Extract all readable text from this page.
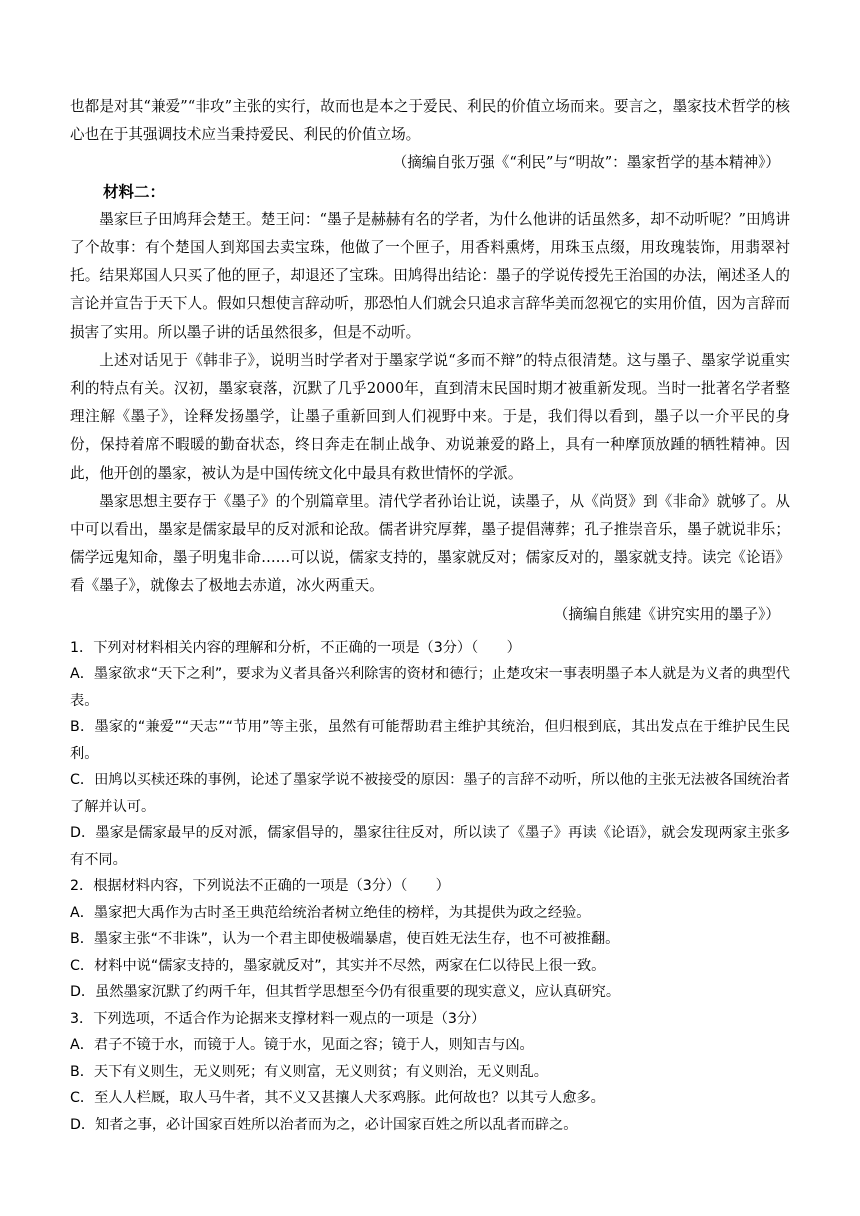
也都是对其“兼爱”“非攻”主张的实行，故而也是本之于爱民、利民的价值立场而来。要言之，墨家技术哲学的核心也在于其强调技术应当秉持爱民、利民的价值立场。

（摘编自张万强《“利民”与“明故”：墨家哲学的基本精神》）

材料二：

墨家巨子田鸠拜会楚王。楚王问：“墨子是赫赫有名的学者，为什么他讲的话虽然多，却不动听呢？”田鸠讲了个故事：有个楚国人到郑国去卖宝珠，他做了一个匣子，用香料熏烤，用珠玉点缀，用玫瑰装饰，用翡翠衬托。结果郑国人只买了他的匣子，却退还了宝珠。田鸠得出结论：墨子的学说传授先王治国的办法，阐述圣人的言论并宣告于天下人。假如只想使言辞动听，那恐怕人们就会只追求言辞华美而忽视它的实用价值，因为言辞而损害了实用。所以墨子讲的话虽然很多，但是不动听。

上述对话见于《韩非子》，说明当时学者对于墨家学说“多而不辩”的特点很清楚。这与墨子、墨家学说重实利的特点有关。汉初，墨家衰落，沉默了几乎2000年，直到清末民国时期才被重新发现。当时一批著名学者整理注解《墨子》，诠释发扬墨学，让墨子重新回到人们视野中来。于是，我们得以看到，墨子以一介平民的身份，保持着席不暇暖的勤奋状态，终日奔走在制止战争、劝说兼爱的路上，具有一种摩顶放踵的牺牲精神。因此，他开创的墨家，被认为是中国传统文化中最具有救世情怀的学派。

墨家思想主要存于《墨子》的个别篇章里。清代学者孙诒让说，读墨子，从《尚贤》到《非命》就够了。从中可以看出，墨家是儒家最早的反对派和论敌。儒者讲究厚葬，墨子提倡薄葬；孔子推崇音乐，墨子就说非乐；儒学远鬼知命，墨子明鬼非命……可以说，儒家支持的，墨家就反对；儒家反对的，墨家就支持。读完《论语》看《墨子》，就像去了极地去赤道，冰火两重天。

（摘编自熊建《讲究实用的墨子》）

1．下列对材料相关内容的理解和分析，不正确的一项是（3分）（　　）

A．墨家欲求“天下之利”，要求为义者具备兴利除害的资材和德行；止楚攻宋一事表明墨子本人就是为义者的典型代表。

B．墨家的“兼爱”“天志”“节用”等主张，虽然有可能帮助君主维护其统治，但归根到底，其出发点在于维护民生民利。

C．田鸠以买椟还珠的事例，论述了墨家学说不被接受的原因：墨子的言辞不动听，所以他的主张无法被各国统治者了解并认可。

D．墨家是儒家最早的反对派，儒家倡导的，墨家往往反对，所以读了《墨子》再读《论语》，就会发现两家主张多有不同。

2．根据材料内容，下列说法不正确的一项是（3分）（　　）

A．墨家把大禹作为古时圣王典范给统治者树立绝佳的榜样，为其提供为政之经验。

B．墨家主张“不非诛”，认为一个君主即使极端暴虐，使百姓无法生存，也不可被推翻。

C．材料中说“儒家支持的，墨家就反对”，其实并不尽然，两家在仁以待民上很一致。

D．虽然墨家沉默了约两千年，但其哲学思想至今仍有很重要的现实意义，应认真研究。

3．下列选项，不适合作为论据来支撑材料一观点的一项是（3分）

A．君子不镜于水，而镜于人。镜于水，见面之容；镜于人，则知吉与凶。

B．天下有义则生，无义则死；有义则富，无义则贫；有义则治，无义则乱。

C．至人人栏厩，取人马牛者，其不义又甚攘人犬豕鸡豚。此何故也？以其亏人愈多。

D．知者之事，必计国家百姓所以治者而为之，必计国家百姓之所以乱者而辟之。
